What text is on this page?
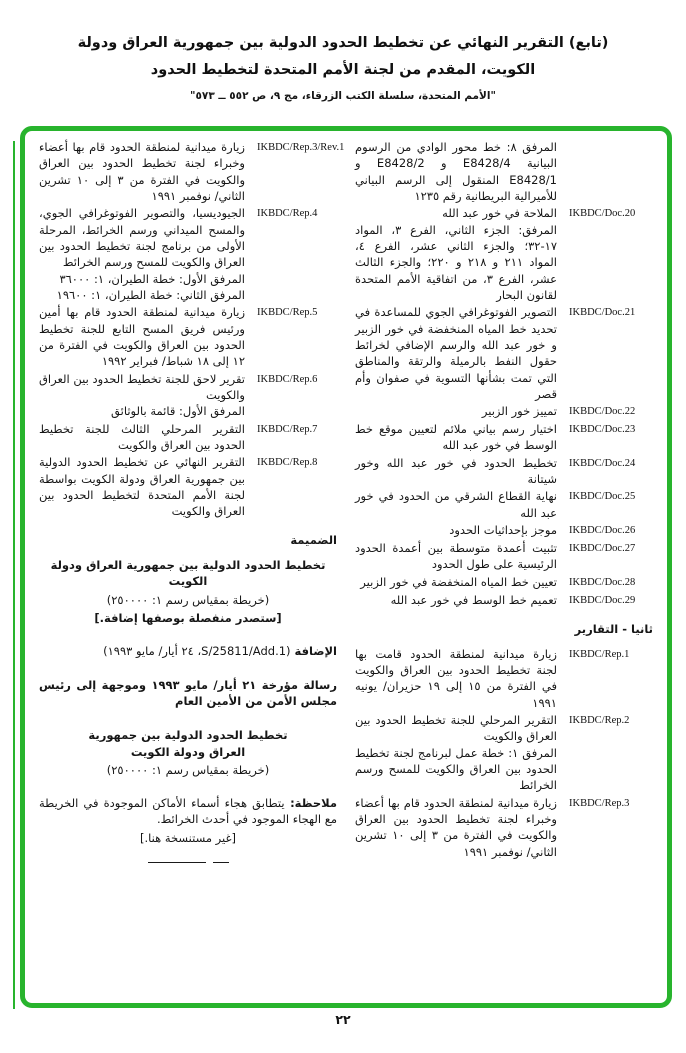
(تابع) التقرير النهائي عن تخطيط الحدود الدولية بين جمهورية العراق ودولة
الكويت، المقدم من لجنة الأمم المتحدة لتخطيط الحدود
"الأمم المتحدة، سلسلة الكتب الزرقاء، مج ٩، ص ٥٥٢ ــ ٥٧٣"

المرفق ٨: خط محور الوادي من الرسوم البيانية E8428/4 و E8428/2 و E8428/1 المنقول إلى الرسم البياني للأميرالية البريطانية رقم ١٢٣٥

IKBDC/Doc.20

الملاحة في خور عبد الله

المرفق: الجزء الثاني، الفرع ٣، المواد ١٧-٣٢؛ والجزء الثاني عشر، الفرع ٤، المواد ٢١١ و ٢١٨ و ٢٢٠؛ والجزء الثالث عشر، الفرع ٣، من اتفاقية الأمم المتحدة لقانون البحار

IKBDC/Doc.21

التصوير الفوتوغرافي الجوي للمساعدة في تحديد خط المياه المنخفضة في خور الزبير و خور عبد الله والرسم الإضافي لخرائط حقول النفط بالرميلة والرتقة والمناطق التي تمت بشأنها التسوية في صفوان وأم قصر

IKBDC/Doc.22

تمييز خور الزبير

IKBDC/Doc.23

اختيار رسم بياني ملائم لتعيين موقع خط الوسط في خور عبد الله

IKBDC/Doc.24

تخطيط الحدود في خور عبد الله وخور شيتانة

IKBDC/Doc.25

نهاية القطاع الشرقي من الحدود في خور عبد الله

IKBDC/Doc.26

موجز بإحداثيات الحدود

IKBDC/Doc.27

تثبيت أعمدة متوسطة بين أعمدة الحدود الرئيسية على طول الحدود

IKBDC/Doc.28

تعيين خط المياه المنخفضة في خور الزبير

IKBDC/Doc.29

تعميم خط الوسط في خور عبد الله

ثانيا - التقارير
IKBDC/Rep.1

زيارة ميدانية لمنطقة الحدود قامت بها لجنة تخطيط الحدود بين العراق والكويت في الفترة من ١٥ إلى ١٩ حزيران/ يونيه ١٩٩١

IKBDC/Rep.2

التقرير المرحلي للجنة تخطيط الحدود بين العراق والكويت

المرفق ١: خطة عمل لبرنامج لجنة تخطيط الحدود بين العراق والكويت للمسح ورسم الخرائط

IKBDC/Rep.3

زيارة ميدانية لمنطقة الحدود قام بها أعضاء وخبراء لجنة تخطيط الحدود بين العراق والكويت في الفترة من ٣ إلى ١٠ تشرين الثاني/ نوفمبر ١٩٩١

IKBDC/Rep.3/Rev.1

زيارة ميدانية لمنطقة الحدود قام بها أعضاء وخبراء لجنة تخطيط الحدود بين العراق والكويت في الفترة من ٣ إلى ١٠ تشرين الثاني/ نوفمبر ١٩٩١

IKBDC/Rep.4

الجيوديسيا، والتصوير الفوتوغرافي الجوي، والمسح الميداني ورسم الخرائط، المرحلة الأولى من برنامج لجنة تخطيط الحدود بين العراق والكويت للمسح ورسم الخرائط

المرفق الأول: خطة الطيران، ١: ٣٦٠٠٠

المرفق الثاني: خطة الطيران، ١: ١٩٦٠٠

IKBDC/Rep.5

زيارة ميدانية لمنطقة الحدود قام بها أمين ورئيس فريق المسح التابع للجنة تخطيط الحدود بين العراق والكويت في الفترة من ١٢ إلى ١٨ شباط/ فبراير ١٩٩٢

IKBDC/Rep.6

تقرير لاحق للجنة تخطيط الحدود بين العراق والكويت

المرفق الأول: قائمة بالوثائق

IKBDC/Rep.7

التقرير المرحلي الثالث للجنة تخطيط الحدود بين العراق والكويت

IKBDC/Rep.8

التقرير النهائي عن تخطيط الحدود الدولية بين جمهورية العراق ودولة الكويت بواسطة لجنة الأمم المتحدة لتخطيط الحدود بين العراق والكويت

الضميمة
تخطيط الحدود الدولية بين جمهورية العراق ودولة الكويت
(خريطة بمقياس رسم ١: ٢٥٠٠٠٠)
[ستصدر منفصلة بوصفها إضافة.]
الإضافة (S/25811/Add.1، ٢٤ أيار/ مايو ١٩٩٣)
رسالة مؤرخة ٢١ أيار/ مايو ١٩٩٣ وموجهة إلى رئيس مجلس الأمن من الأمين العام
تخطيط الحدود الدولية بين جمهورية العراق ودولة الكويت
(خريطة بمقياس رسم ١: ٢٥٠٠٠٠)
ملاحظة: يتطابق هجاء أسماء الأماكن الموجودة في الخريطة مع الهجاء الموجود في أحدث الخرائط.
[غير مستنسخة هنا.]
٢٢
